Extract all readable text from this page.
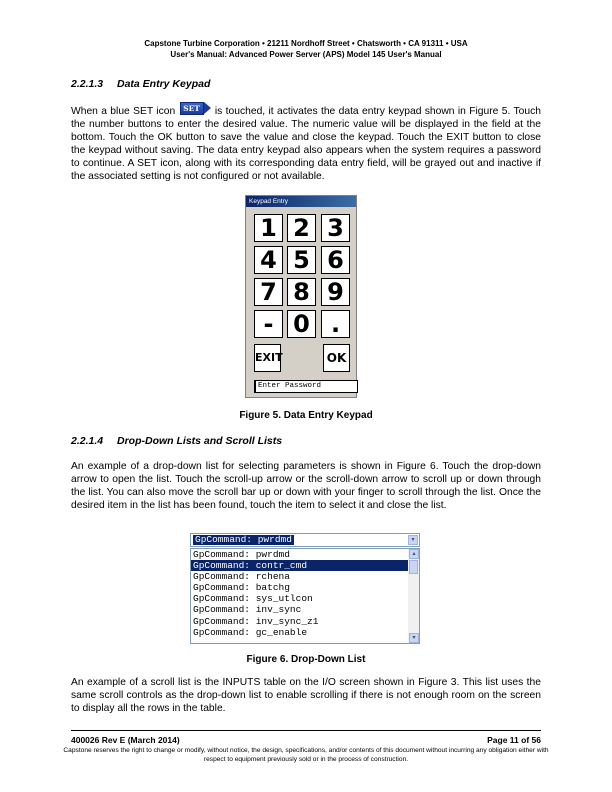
Capstone Turbine Corporation • 21211 Nordhoff Street • Chatsworth • CA 91311 • USA
User's Manual: Advanced Power Server (APS) Model 145 User's Manual
2.2.1.3 Data Entry Keypad
When a blue SET icon	SET	is touched, it activates the data entry keypad shown in Figure 5. Touch the number buttons to enter the desired value. The numeric value will be displayed in the field at the bottom. Touch the OK button to save the value and close the keypad. Touch the EXIT button to close the keypad without saving. The data entry keypad also appears when the system requires a password to continue. A SET icon, along with its corresponding data entry field, will be grayed out and inactive if the associated setting is not configured or not available.
Keypad Entry
1 2 3
4 5 6
7 8 9
- 0 .
EXIT	OK
Enter Password
Figure 5. Data Entry Keypad
2.2.1.4 Drop-Down Lists and Scroll Lists
An example of a drop-down list for selecting parameters is shown in Figure 6. Touch the drop-down arrow to open the list. Touch the scroll-up arrow or the scroll-down arrow to scroll up or down through the list. You can also move the scroll bar up or down with your finger to scroll through the list. Once the desired item in the list has been found, touch the item to select it and close the list.
GpCommand: pwrdmd	▾
GpCommand: pwrdmd
GpCommand: contr_cmd
GpCommand: rchena
GpCommand: batchg
GpCommand: sys_utlcon
GpCommand: inv_sync
GpCommand: inv_sync_z1
GpCommand: gc_enable
▴
▾
Figure 6. Drop-Down List
An example of a scroll list is the INPUTS table on the I/O screen shown in Figure 3. This list uses the same scroll controls as the drop-down list to enable scrolling if there is not enough room on the screen to display all the rows in the table.
400026 Rev E (March 2014)	Page 11 of 56
Capstone reserves the right to change or modify, without notice, the design, specifications, and/or contents of this document without incurring any obligation either with respect to equipment previously sold or in the process of construction.
